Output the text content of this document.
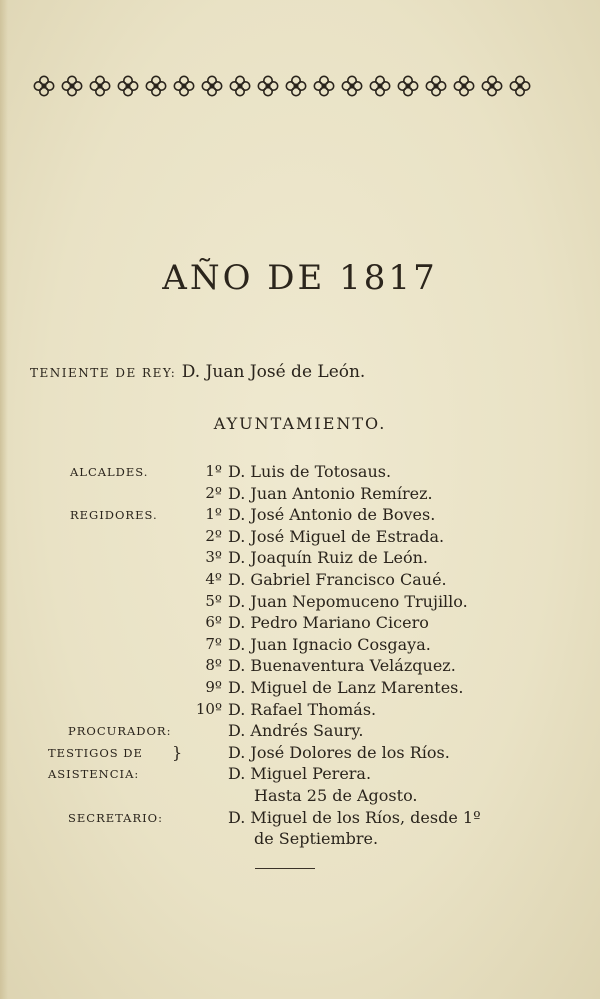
AÑO DE 1817
TENIENTE DE REY: D. Juan José de León.
AYUNTAMIENTO.
ALCALDES.	1º D. Luis de Totosaus.
2º D. Juan Antonio Remírez.
REGIDORES.	1º D. José Antonio de Boves.
2º D. José Miguel de Estrada.
3º D. Joaquín Ruiz de León.
4º D. Gabriel Francisco Caué.
5º D. Juan Nepomuceno Trujillo.
6º D. Pedro Mariano Cicero
7º D. Juan Ignacio Cosgaya.
8º D. Buenaventura Velázquez.
9º D. Miguel de Lanz Marentes.
10º D. Rafael Thomás.
PROCURADOR:	D. Andrés Saury.
TESTIGOS DE }	D. José Dolores de los Ríos.
ASISTENCIA:	D. Miguel Perera.
Hasta 25 de Agosto.
SECRETARIO:	D. Miguel de los Ríos, desde 1º
de Septiembre.
